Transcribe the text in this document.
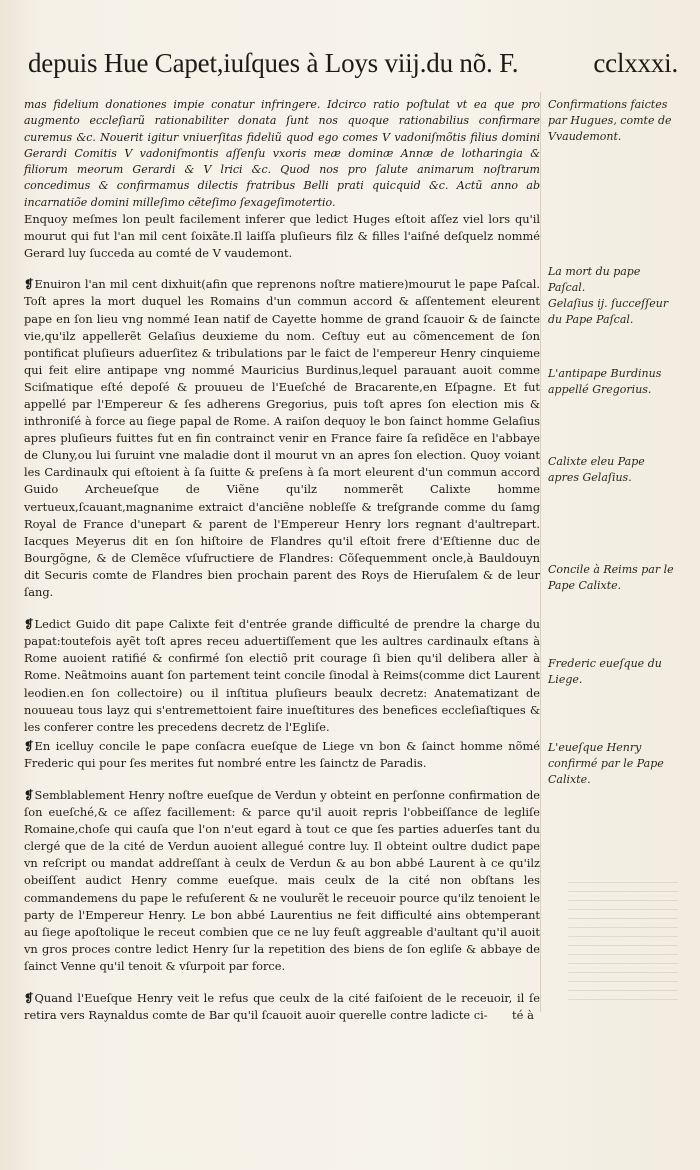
depuis Hue Capet,iuſques à Loys viij.du nõ. F.	cclxxxi.

mas fidelium donationes impie conatur infringere. Idcirco ratio poſtulat vt ea que pro augmento eccleſiarũ rationabiliter donata ſunt nos quoque rationabilius confirmare curemus &c. Nouerit igitur vniuerſitas fideliũ quod ego comes V vadoniſmõtis filius domini Gerardi Comitis V vadoniſmontis aſſenſu vxoris meæ dominæ Annæ de lotharingia & filiorum meorum Gerardi & V lrici &c. Quod nos pro ſalute animarum noſtrarum concedimus & confirmamus dilectis fratribus Belli prati quicquid &c. Actũ anno ab incarnatiõe domini milleſimo cẽteſimo ſexageſimotertio.

Enquoy meſmes lon peult facilement inferer que ledict Huges eſtoit aſſez viel lors qu'il mourut qui fut l'an mil cent ſoixãte.Il laiſſa pluſieurs filz & filles l'aiſné deſquelz nommé Gerard luy ſucceda au comté de V vaudemont.

❡Enuiron l'an mil cent dixhuit(afin que reprenons noſtre matiere)mourut le pape Paſcal. Toſt apres la mort duquel les Romains d'un commun accord & aſſentement eleurent pape en ſon lieu vng nommé Iean natif de Cayette homme de grand ſcauoir & de ſaincte vie,qu'ilz appellerẽt Gelaſius deuxieme du nom. Ceſtuy eut au cõmencement de ſon pontificat pluſieurs aduerſitez & tribulations par le faict de l'empereur Henry cinquieme qui feit elire antipape vng nommé Mauricius Burdinus,lequel parauant auoit comme Sciſmatique eſté depoſé & prouueu de l'Eueſché de Bracarente,en Eſpagne. Et fut appellé par l'Empereur & ſes adherens Gregorius, puis toſt apres ſon election mis & inthroniſé à force au ſiege papal de Rome. A raiſon dequoy le bon ſainct homme Gelaſius apres pluſieurs fuittes fut en fin contrainct venir en France faire ſa reſidẽce en l'abbaye de Cluny,ou lui ſuruint vne maladie dont il mourut vn an apres ſon election. Quoy voiant les Cardinaulx qui eſtoient à ſa ſuitte & preſens à ſa mort eleurent d'un commun accord Guido Archeueſque de Viẽne qu'ilz nommerẽt Calixte homme vertueux,ſcauant,magnanime extraict d'anciẽne nobleſſe & treſgrande comme du ſamg Royal de France d'unepart & parent de l'Empereur Henry lors regnant d'aultrepart. Iacques Meyerus dit en ſon hiſtoire de Flandres qu'il eſtoit frere d'Eſtienne duc de Bourgõgne, & de Clemẽce vſufructiere de Flandres: Cõſequemment oncle,à Bauldouyn dit Securis comte de Flandres bien prochain parent des Roys de Hieruſalem & de leur ſang.

❡Ledict Guido dit pape Calixte feit d'entrée grande difficulté de prendre la charge du papat:toutefois ayẽt toſt apres receu aduertiſſement que les aultres cardinaulx eſtans à Rome auoient ratifié & confirmé ſon electiõ prit courage ſi bien qu'il delibera aller à Rome. Neãtmoins auant ſon partement teint concile ſinodal à Reims(comme dict Laurent leodien.en ſon collectoire) ou il inſtitua pluſieurs beaulx decretz: Anatematizant de nouueau tous layz qui s'entremettoient faire inueſtitures des benefices eccleſiaſtiques & les conferer contre les precedens decretz de l'Egliſe.

❡En icelluy concile le pape conſacra eueſque de Liege vn bon & ſainct homme nõmé Frederic qui pour ſes merites fut nombré entre les ſainctz de Paradis.

❡Semblablement Henry noſtre eueſque de Verdun y obteint en perſonne confirmation de ſon eueſché,& ce aſſez facillement: & parce qu'il auoit repris l'obbeiſſance de legliſe Romaine,choſe qui cauſa que l'on n'eut egard à tout ce que ſes parties aduerſes tant du clergé que de la cité de Verdun auoient allegué contre luy. Il obteint oultre dudict pape vn reſcript ou mandat addreſſant à ceulx de Verdun & au bon abbé Laurent à ce qu'ilz obeiſſent audict Henry comme eueſque. mais ceulx de la cité non obſtans les commandemens du pape le refuſerent & ne voulurẽt le receuoir pource qu'ilz tenoient le party de l'Empereur Henry. Le bon abbé Laurentius ne feit difficulté ains obtemperant au ſiege apoſtolique le receut combien que ce ne luy feuſt aggreable d'aultant qu'il auoit vn gros proces contre ledict Henry ſur la repetition des biens de ſon egliſe & abbaye de ſainct Venne qu'il tenoit & vſurpoit par force.

❡Quand l'Eueſque Henry veit le refus que ceulx de la cité faiſoient de le receuoir, il ſe retira vers Raynaldus comte de Bar qu'il ſcauoit auoir querelle contre ladicte ci-

Confirmations faictes par Hugues, comte de Vvaudemont.
La mort du pape Paſcal.
Gelaſius ij. ſucceſſeur du Pape Paſcal.
L'antipape Burdinus appellé Gregorius.
Calixte eleu Pape apres Gelaſius.
Concile à Reims par le Pape Calixte.
Frederic eueſque du Liege.
L'eueſque Henry confirmé par le Pape Calixte.
té à
